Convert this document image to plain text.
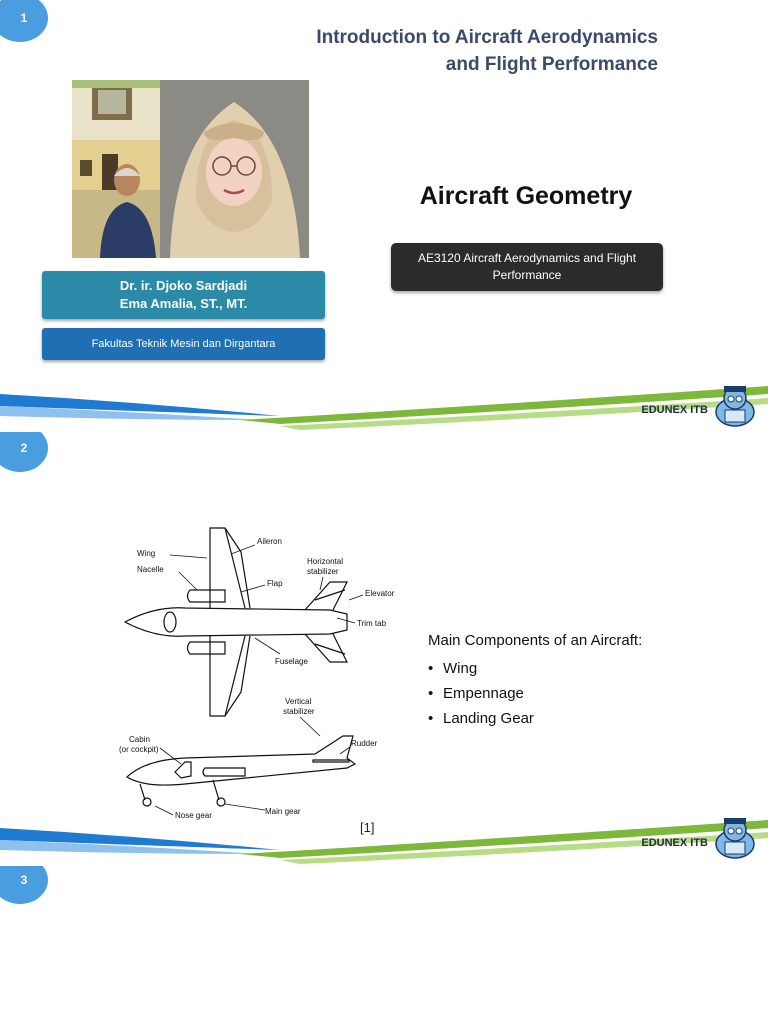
1
Introduction to Aircraft Aerodynamics and Flight Performance
Dr. ir. Djoko Sardjadi
Ema Amalia, ST., MT.
Fakultas Teknik Mesin dan Dirgantara
Aircraft Geometry
AE3120 Aircraft Aerodynamics and Flight Performance
EDUNEX ITB
2
Wing
Aileron
Nacelle
Flap
Horizontal
stabilizer
Elevator
Trim tab
Fuselage
Vertical
stabilizer
Rudder
Cabin
(or cockpit)
Nose gear	Main gear
[1]
Main Components of an Aircraft:
• Wing
• Empennage
• Landing Gear
EDUNEX ITB
3
